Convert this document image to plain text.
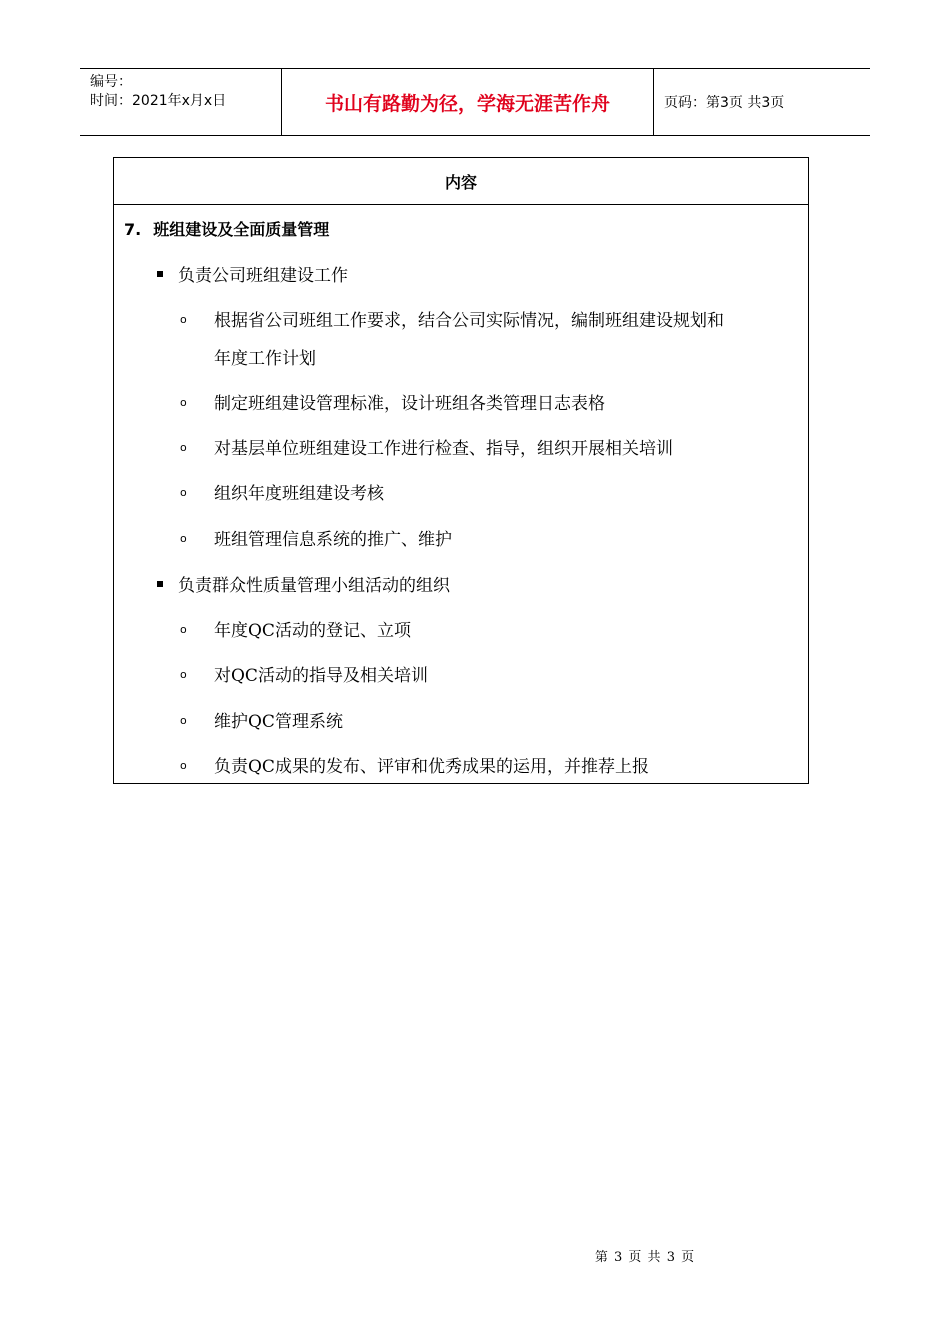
编号：
时间：2021年x月x日	书山有路勤为径，学海无涯苦作舟	页码：第3页 共3页
内容
7. 班组建设及全面质量管理
负责公司班组建设工作
o 根据省公司班组工作要求，结合公司实际情况，编制班组建设规划和
年度工作计划
o 制定班组建设管理标准，设计班组各类管理日志表格
o 对基层单位班组建设工作进行检查、指导，组织开展相关培训
o 组织年度班组建设考核
o 班组管理信息系统的推广、维护
负责群众性质量管理小组活动的组织
o 年度QC活动的登记、立项
o 对QC活动的指导及相关培训
o 维护QC管理系统
o 负责QC成果的发布、评审和优秀成果的运用，并推荐上报
第 3 页 共 3 页
